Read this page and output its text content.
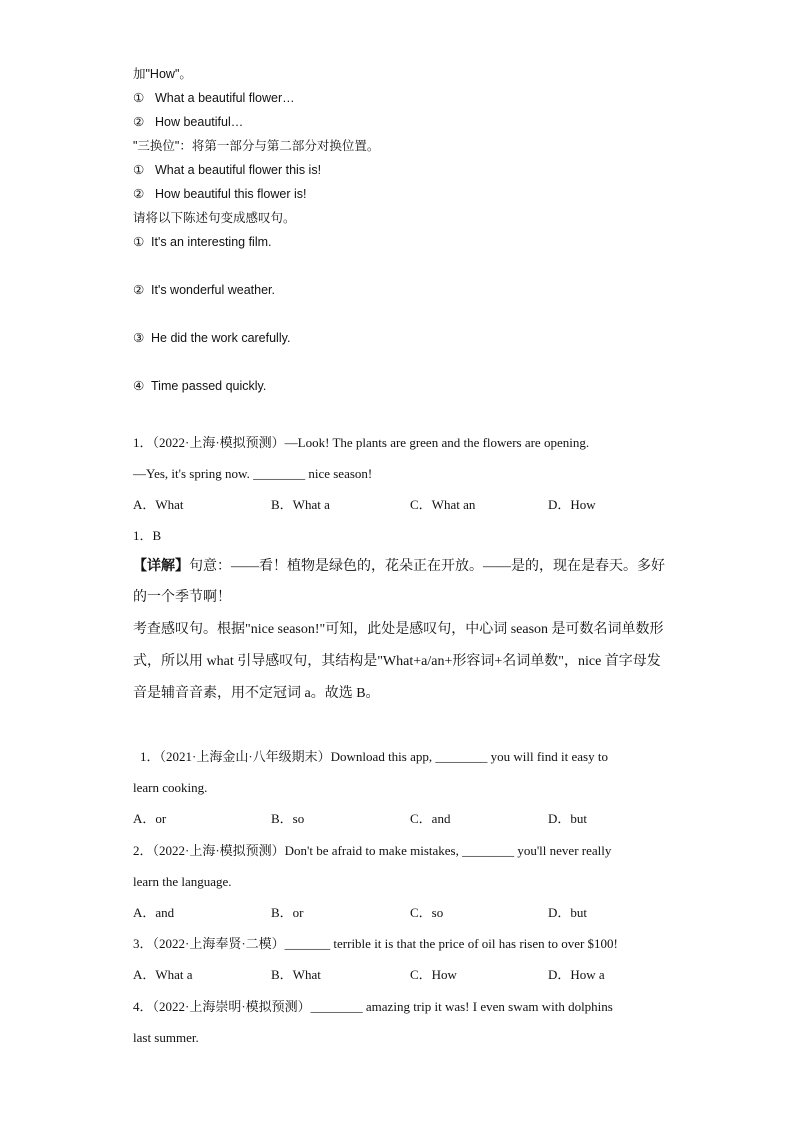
加"How"。
① What a beautiful flower…
② How beautiful…
"三换位"：将第一部分与第二部分对换位置。
① What a beautiful flower this is!
② How beautiful this flower is!
请将以下陈述句变成感叹句。
① It's an interesting film.
② It's wonderful weather.
③ He did the work carefully.
④ Time passed quickly.
1．（2022·上海·模拟预测）—Look! The plants are green and the flowers are opening.
—Yes, it's spring now. ________ nice season!
A．What	B．What a	C．What an	D．How
1．B
【详解】句意：——看！植物是绿色的，花朵正在开放。——是的，现在是春天。多好
的一个季节啊！
考查感叹句。根据"nice season!"可知，此处是感叹句，中心词 season 是可数名词单数形
式，所以用 what 引导感叹句，其结构是"What+a/an+形容词+名词单数"，nice 首字母发
音是辅音音素，用不定冠词 a。故选 B。
1．（2021·上海金山·八年级期末）Download this app, ________ you will find it easy to
learn cooking.
A．or	B．so	C．and	D．but
2．（2022·上海·模拟预测）Don't be afraid to make mistakes, ________ you'll never really
learn the language.
A．and	B．or	C．so	D．but
3．（2022·上海奉贤·二模）_______ terrible it is that the price of oil has risen to over $100!
A．What a	B．What	C．How	D．How a
4．（2022·上海崇明·模拟预测）________ amazing trip it was! I even swam with dolphins
last summer.
